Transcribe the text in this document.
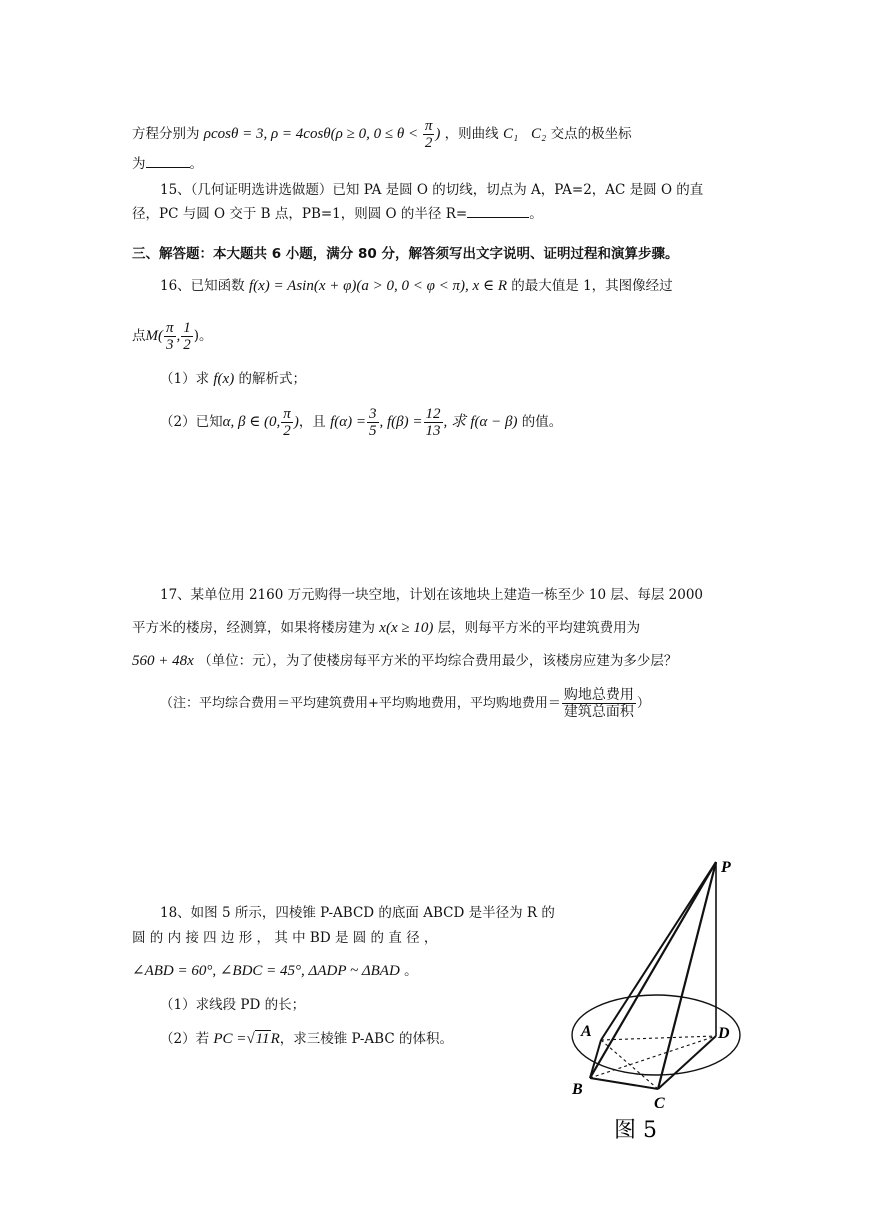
方程分别为 ρcosθ = 3, ρ = 4cosθ(ρ ≥ 0, $0 \le \theta < \frac{\pi}{2}$ ) ，则曲线 C₁ C₂ 交点的极坐标
为	。
15、（几何证明选讲选做题）已知 PA 是圆 O 的切线，切点为 A，PA=2，AC 是圆 O 的直
径，PC 与圆 O 交于 B 点，PB=1，则圆 O 的半径 R=	。
三、解答题：本大题共 6 小题，满分 80 分，解答须写出文字说明、证明过程和演算步骤。
16、已知函数 f(x) = Asin(x + φ)(a > 0, 0 < φ < π), x ∈ R 的最大值是 1，其图像经过
点$M( \frac{\pi}{3}$ , $\frac{1}{2}$ )。
（1）求 f(x) 的解析式；
（2）已知α, β ∈ (0, $\frac{\pi}{2}$ )，且 $f(\alpha) = \frac{3}{5}$ , $f(\beta) = \frac{12}{13}$ , 求 f(α − β) 的值。
17、某单位用 2160 万元购得一块空地，计划在该地块上建造一栋至少 10 层、每层 2000
平方米的楼房，经测算，如果将楼房建为 x(x ≥ 10) 层，则每平方米的平均建筑费用为
560 + 48x （单位：元），为了使楼房每平方米的平均综合费用最少，该楼房应建为多少层？
（注：平均综合费用＝平均建筑费用+平均购地费用，平均购地费用＝ $\frac{\text{购地总费用}}{\text{建筑总面积}}$ ）
18、如图 5 所示，四棱锥 P-ABCD 的底面 ABCD 是半径为 R 的
圆 的 内 接 四 边 形 ， 其 中 BD 是 圆 的 直 径 ，
∠ABD = 60°, ∠BDC = 45°, ΔADP ~ ΔBAD 。
（1）求线段 PD 的长；
（2）若 PC =√11R，求三棱锥 P-ABC 的体积。
P
A
B
C
D
图 5
